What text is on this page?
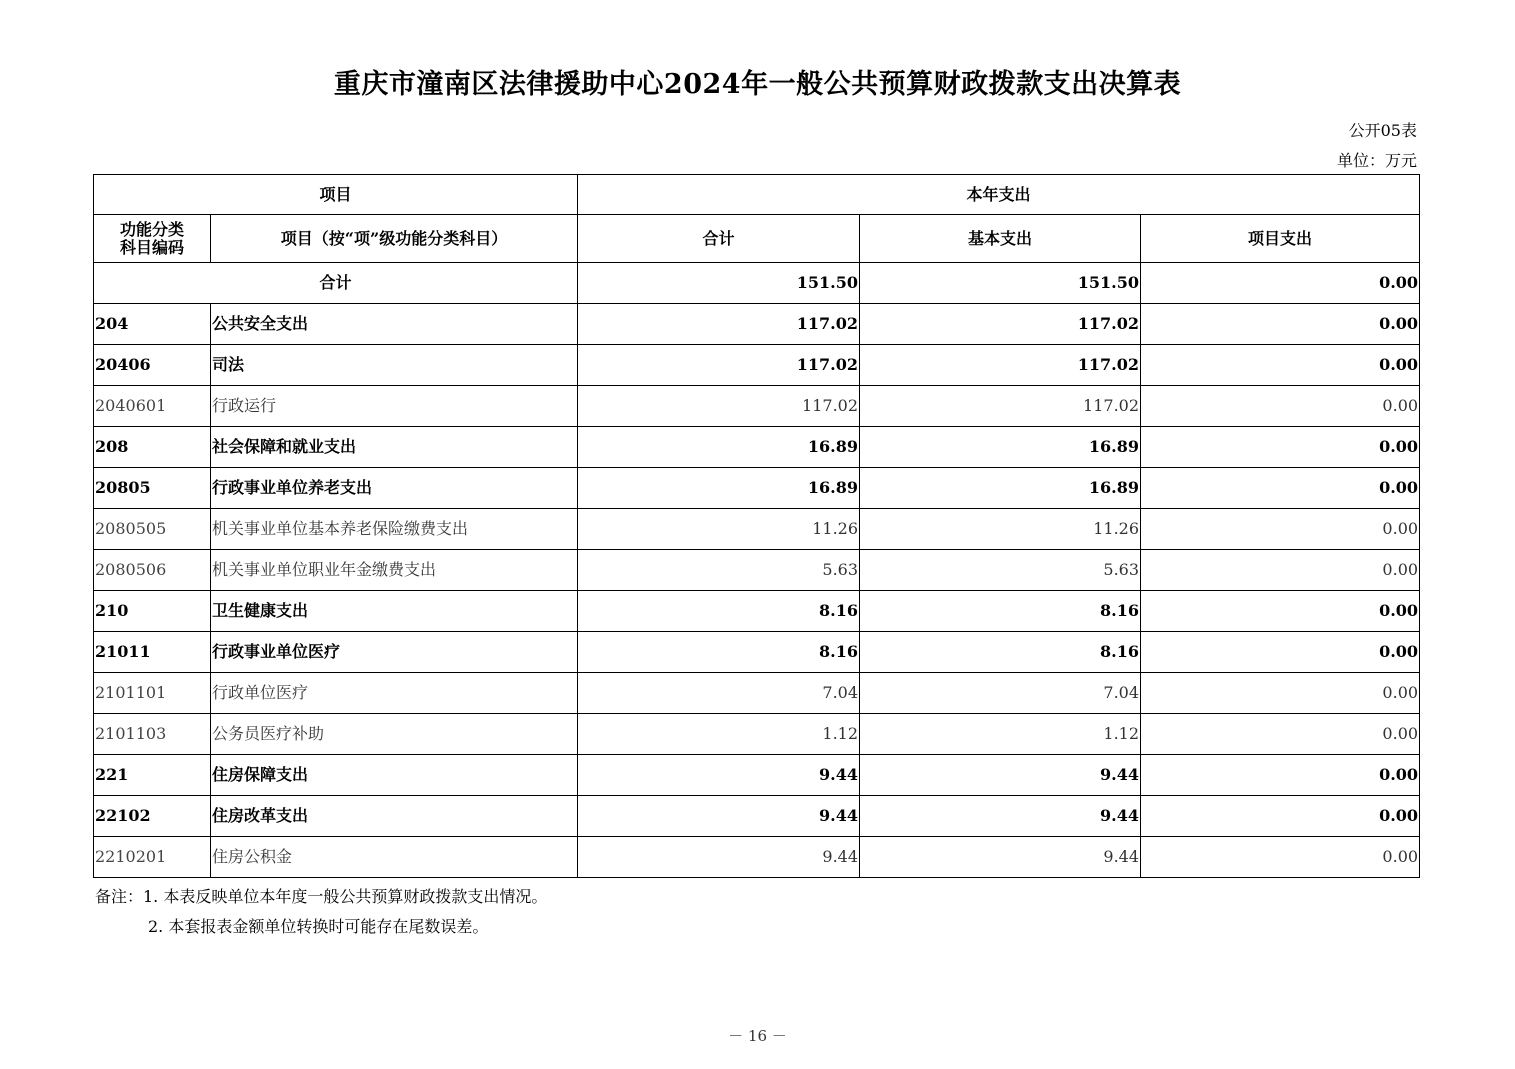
重庆市潼南区法律援助中心2024年一般公共预算财政拨款支出决算表
公开05表
单位：万元
项目		本年支出		
功能分类科目编码	项目（按“项”级功能分类科目）	合计	基本支出	项目支出
合计		151.50	151.50	0.00
204	公共安全支出	117.02	117.02	0.00
20406	司法	117.02	117.02	0.00
2040601	行政运行	117.02	117.02	0.00
208	社会保障和就业支出	16.89	16.89	0.00
20805	行政事业单位养老支出	16.89	16.89	0.00
2080505	机关事业单位基本养老保险缴费支出	11.26	11.26	0.00
2080506	机关事业单位职业年金缴费支出	5.63	5.63	0.00
210	卫生健康支出	8.16	8.16	0.00
21011	行政事业单位医疗	8.16	8.16	0.00
2101101	行政单位医疗	7.04	7.04	0.00
2101103	公务员医疗补助	1.12	1.12	0.00
221	住房保障支出	9.44	9.44	0.00
22102	住房改革支出	9.44	9.44	0.00
2210201	住房公积金	9.44	9.44	0.00
备注：1. 本表反映单位本年度一般公共预算财政拨款支出情况。
2. 本套报表金额单位转换时可能存在尾数误差。
－ 16 －
